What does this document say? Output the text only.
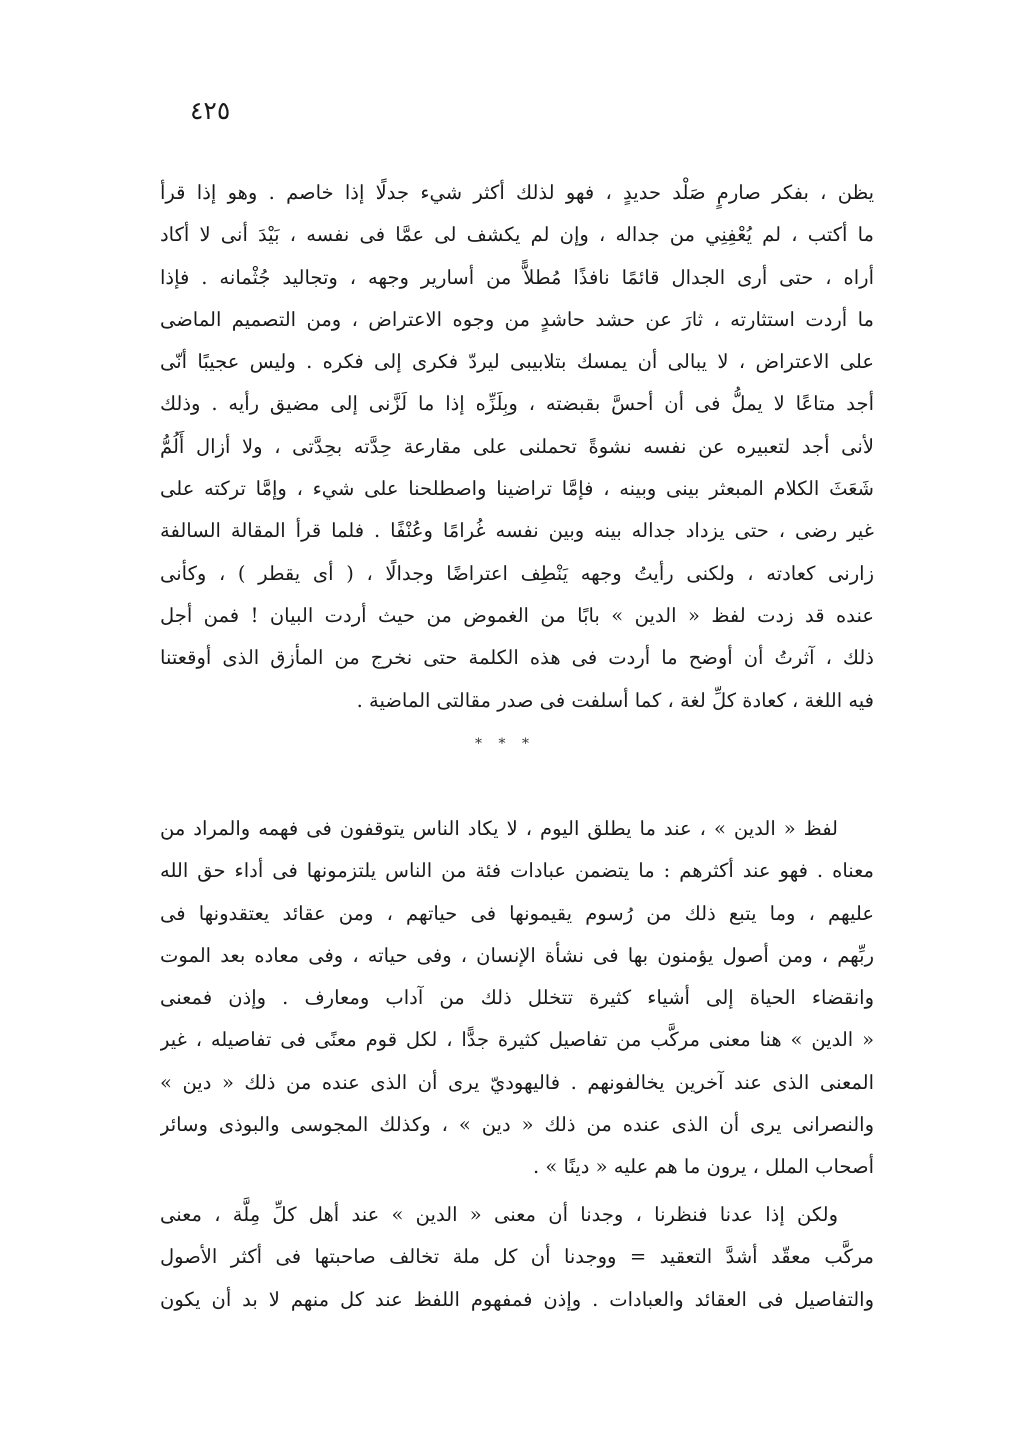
٤٢٥
يظن ، بفكر صارمٍ صَلْد حديدٍ ، فهو لذلك أكثر شيء جدلًا إذا خاصم . وهو إذا قرأ
ما أكتب ، لم يُعْفِنِي من جداله ، وإن لم يكشف لى عمَّا فى نفسه ، بَيْدَ أنى لا أكاد
أراه ، حتى أرى الجدال قائمًا نافذًا مُطلاًّ من أسارير وجهه ، وتجاليد جُثْمانه . فإذا
ما أردت استثارته ، ثارَ عن حشد حاشدٍ من وجوه الاعتراض ، ومن التصميم الماضى
على الاعتراض ، لا يبالى أن يمسك بتلابيبى ليردّ فكرى إلى فكره . وليس عجيبًا أنّى
أجد متاعًا لا يملُّ فى أن أحسَّ بقبضته ، وبِلَزِّه إذا ما لَزَّنى إلى مضيق رأيه . وذلك
لأنى أجد لتعبيره عن نفسه نشوةً تحملنى على مقارعة حِدَّته بحِدَّتى ، ولا أزال أَلُمُّ
شَعَثَ الكلام المبعثر بينى وبينه ، فإمَّا تراضينا واصطلحنا على شيء ، وإمَّا تركته على
غير رضى ، حتى يزداد جداله بينه وبين نفسه غُرامًا وعُنْفًا . فلما قرأ المقالة السالفة
زارنى كعادته ، ولكنى رأيتُ وجهه يَنْطِف اعتراضًا وجدالًا ، ( أى يقطر ) ، وكأنى
عنده قد زدت لفظ « الدين » بابًا من الغموض من حيث أردت البيان ! فمن أجل
ذلك ، آثرتُ أن أوضح ما أردت فى هذه الكلمة حتى نخرج من المأزق الذى أوقعتنا
فيه اللغة ، كعادة كلِّ لغة ، كما أسلفت فى صدر مقالتى الماضية .
* * *
لفظ « الدين » ، عند ما يطلق اليوم ، لا يكاد الناس يتوقفون فى فهمه والمراد من
معناه . فهو عند أكثرهم : ما يتضمن عبادات فئة من الناس يلتزمونها فى أداء حق الله
عليهم ، وما يتبع ذلك من رُسوم يقيمونها فى حياتهم ، ومن عقائد يعتقدونها فى
ربِّهم ، ومن أصول يؤمنون بها فى نشأة الإنسان ، وفى حياته ، وفى معاده بعد الموت
وانقضاء الحياة إلى أشياء كثيرة تتخلل ذلك من آداب ومعارف . وإذن فمعنى
« الدين » هنا معنى مركَّب من تفاصيل كثيرة جدًّا ، لكل قوم معنًى فى تفاصيله ، غير
المعنى الذى عند آخرين يخالفونهم . فاليهوديّ يرى أن الذى عنده من ذلك « دين »
والنصرانى يرى أن الذى عنده من ذلك « دين » ، وكذلك المجوسى والبوذى وسائر
أصحاب الملل ، يرون ما هم عليه « دينًا » .
ولكن إذا عدنا فنظرنا ، وجدنا أن معنى « الدين » عند أهل كلِّ مِلَّة ، معنى
مركَّب معقّد أشدَّ التعقيد = ووجدنا أن كل ملة تخالف صاحبتها فى أكثر الأصول
والتفاصيل فى العقائد والعبادات . وإذن فمفهوم اللفظ عند كل منهم لا بد أن يكون
